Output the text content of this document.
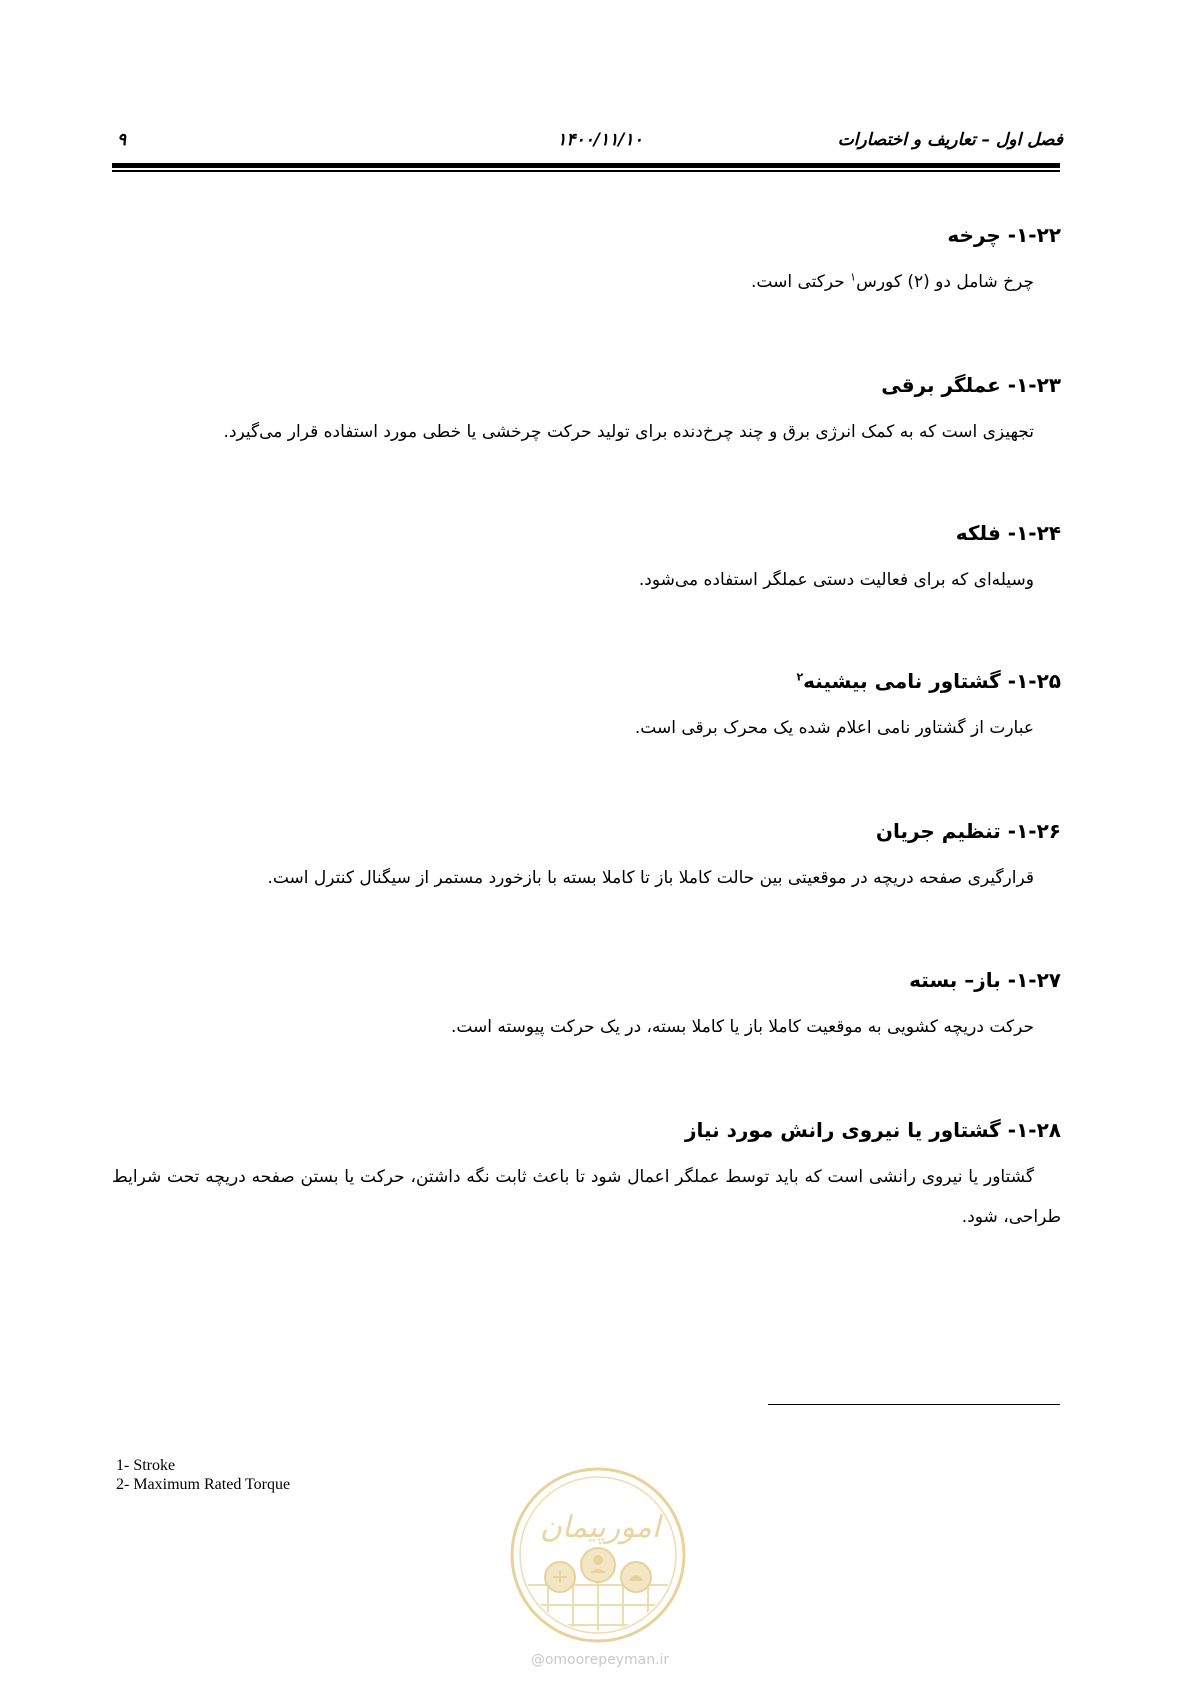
فصل اول – تعاریف و اختصارات
۱۴۰۰/۱۱/۱۰
۹
۱-۲۲- چرخه
چرخ شامل دو (۲) کورس$^۱$ حرکتی است.
۱-۲۳- عملگر برقی
تجهیزی است که به کمک انرژی برق و چند چرخ‌دنده برای تولید حرکت چرخشی یا خطی مورد استفاده قرار می‌گیرد.
۱-۲۴- فلکه
وسیله‌ای که برای فعالیت دستی عملگر استفاده می‌شود.
۱-۲۵- گشتاور نامی بیشینه$^۲$
عبارت از گشتاور نامی اعلام شده یک محرک برقی است.
۱-۲۶- تنظیم جریان
قرارگیری صفحه دریچه در موقعیتی بین حالت کاملا باز تا کاملا بسته با بازخورد مستمر از سیگنال کنترل است.
۱-۲۷- باز– بسته
حرکت دریچه کشویی به موقعیت کاملا باز یا کاملا بسته، در یک حرکت پیوسته است.
۱-۲۸- گشتاور یا نیروی رانش مورد نیاز
گشتاور یا نیروی رانشی است که باید توسط عملگر اعمال شود تا باعث ثابت نگه داشتن، حرکت یا بستن صفحه دریچه تحت شرایط طراحی، شود.
1- Stroke
2- Maximum Rated Torque
امورپیمان
@omoorepeyman.ir
